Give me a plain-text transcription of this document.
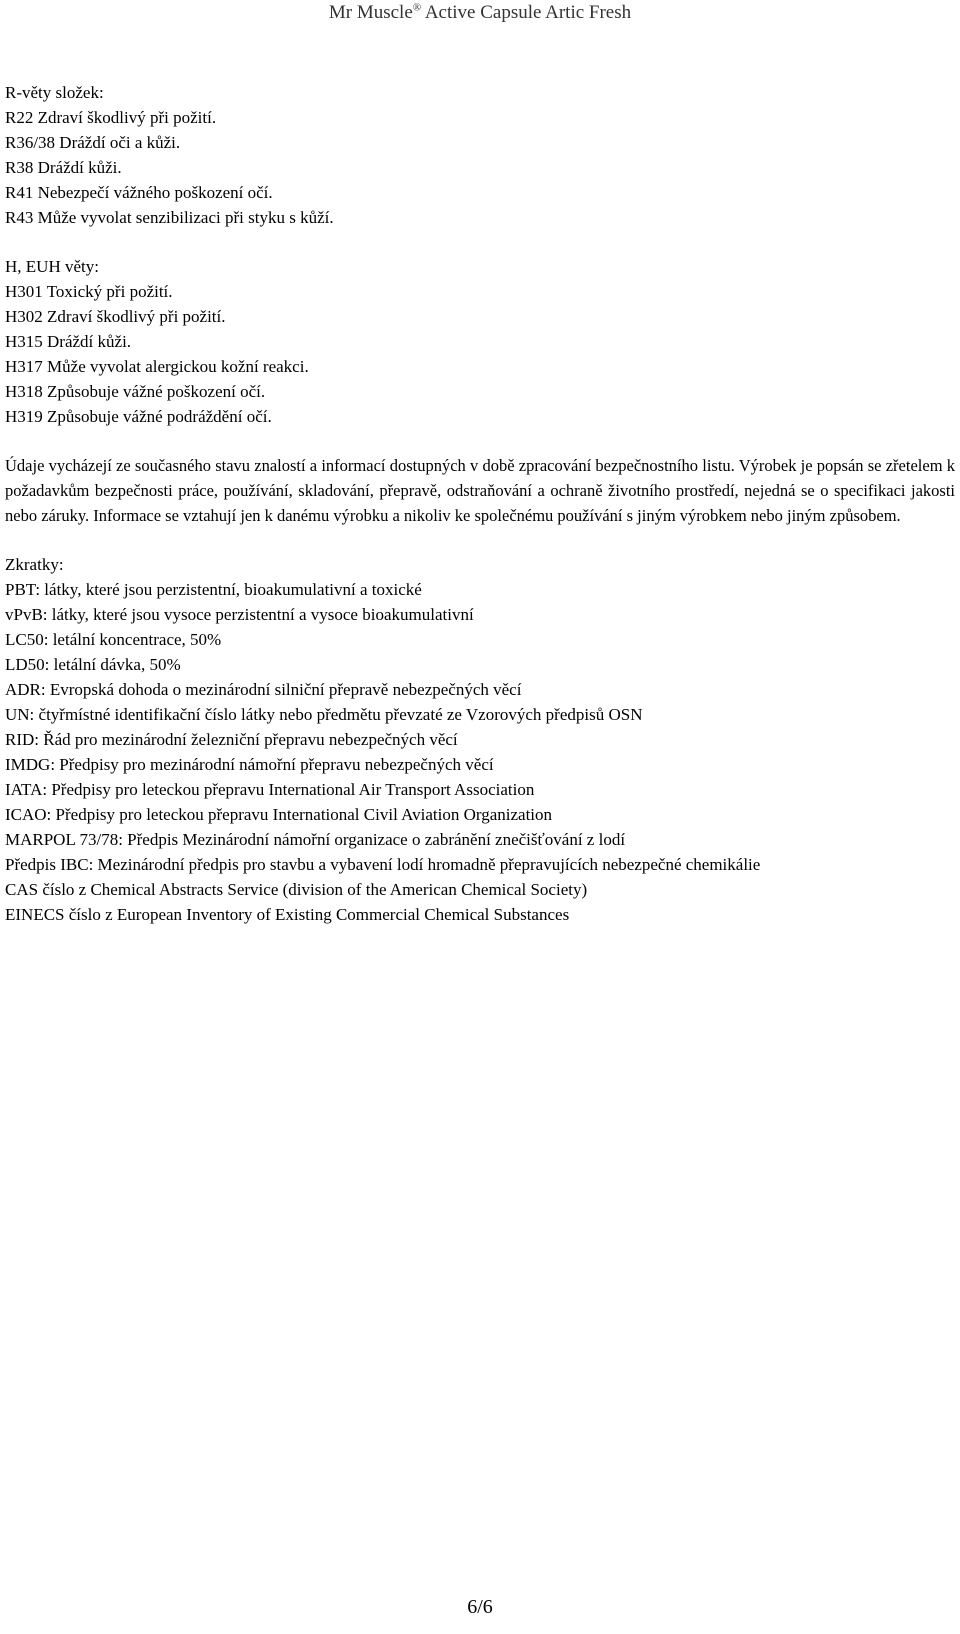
Mr Muscle® Active Capsule Artic Fresh
R-věty složek:
R22 Zdraví škodlivý při požití.
R36/38 Dráždí oči a kůži.
R38 Dráždí kůži.
R41 Nebezpečí vážného poškození očí.
R43 Může vyvolat senzibilizaci při styku s kůží.
H, EUH věty:
H301 Toxický při požití.
H302 Zdraví škodlivý při požití.
H315 Dráždí kůži.
H317 Může vyvolat alergickou kožní reakci.
H318 Způsobuje vážné poškození očí.
H319 Způsobuje vážné podráždění očí.
Údaje vycházejí ze současného stavu znalostí a informací dostupných v době zpracování bezpečnostního listu. Výrobek je popsán se zřetelem k požadavkům bezpečnosti práce, používání, skladování, přepravě, odstraňování a ochraně životního prostředí, nejedná se o specifikaci jakosti nebo záruky. Informace se vztahují jen k danému výrobku a nikoliv ke společnému používání s jiným výrobkem nebo jiným způsobem.
Zkratky:
PBT: látky, které jsou perzistentní, bioakumulativní a toxické
vPvB: látky, které jsou vysoce perzistentní a vysoce bioakumulativní
LC50: letální koncentrace, 50%
LD50: letální dávka, 50%
ADR: Evropská dohoda o mezinárodní silniční přepravě nebezpečných věcí
UN: čtyřmístné identifikační číslo látky nebo předmětu převzaté ze Vzorových předpisů OSN
RID: Řád pro mezinárodní železniční přepravu nebezpečných věcí
IMDG: Předpisy pro mezinárodní námořní přepravu nebezpečných věcí
IATA: Předpisy pro leteckou přepravu International Air Transport Association
ICAO: Předpisy pro leteckou přepravu International Civil Aviation Organization
MARPOL 73/78: Předpis Mezinárodní námořní organizace o zabránění znečišťování z lodí
Předpis IBC: Mezinárodní předpis pro stavbu a vybavení lodí hromadně přepravujících nebezpečné chemikálie
CAS číslo z Chemical Abstracts Service (division of the American Chemical Society)
EINECS číslo z European Inventory of Existing Commercial Chemical Substances
6/6
